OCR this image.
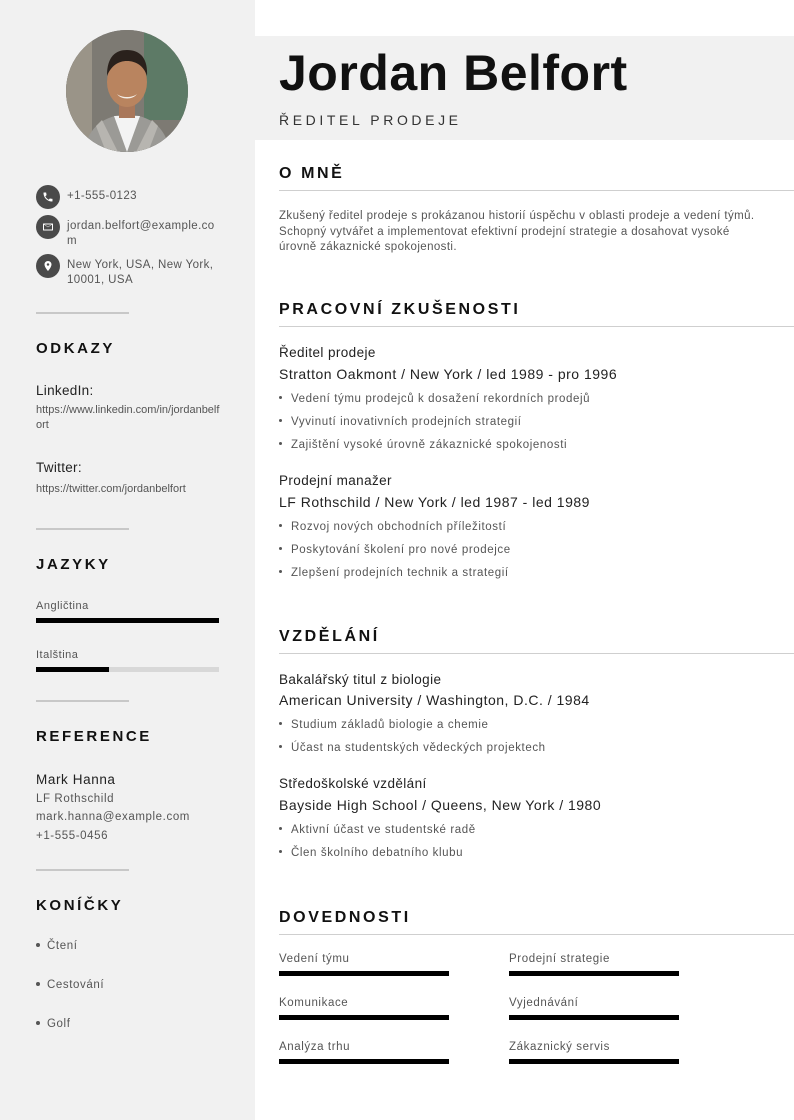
+1-555-0123
jordan.belfort@example.com
New York, USA, New York, 10001, USA
ODKAZY
LinkedIn:
https://www.linkedin.com/in/jordanbelfort
Twitter:
https://twitter.com/jordanbelfort
JAZYKY
Angličtina
Italština
REFERENCE
Mark Hanna
LF Rothschild
mark.hanna@example.com
+1-555-0456
KONÍČKY
Čtení
Cestování
Golf
Jordan Belfort
ŘEDITEL PRODEJE
O MNĚ
Zkušený ředitel prodeje s prokázanou historií úspěchu v oblasti prodeje a vedení týmů. Schopný vytvářet a implementovat efektivní prodejní strategie a dosahovat vysoké úrovně zákaznické spokojenosti.
PRACOVNÍ ZKUŠENOSTI
Ředitel prodeje
Stratton Oakmont / New York / led 1989 - pro 1996
Vedení týmu prodejců k dosažení rekordních prodejů
Vyvinutí inovativních prodejních strategií
Zajištění vysoké úrovně zákaznické spokojenosti
Prodejní manažer
LF Rothschild / New York / led 1987 - led 1989
Rozvoj nových obchodních příležitostí
Poskytování školení pro nové prodejce
Zlepšení prodejních technik a strategií
VZDĚLÁNÍ
Bakalářský titul z biologie
American University / Washington, D.C. / 1984
Studium základů biologie a chemie
Účast na studentských vědeckých projektech
Středoškolské vzdělání
Bayside High School / Queens, New York / 1980
Aktivní účast ve studentské radě
Člen školního debatního klubu
DOVEDNOSTI
Vedení týmu	Prodejní strategie
Komunikace	Vyjednávání
Analýza trhu	Zákaznický servis
